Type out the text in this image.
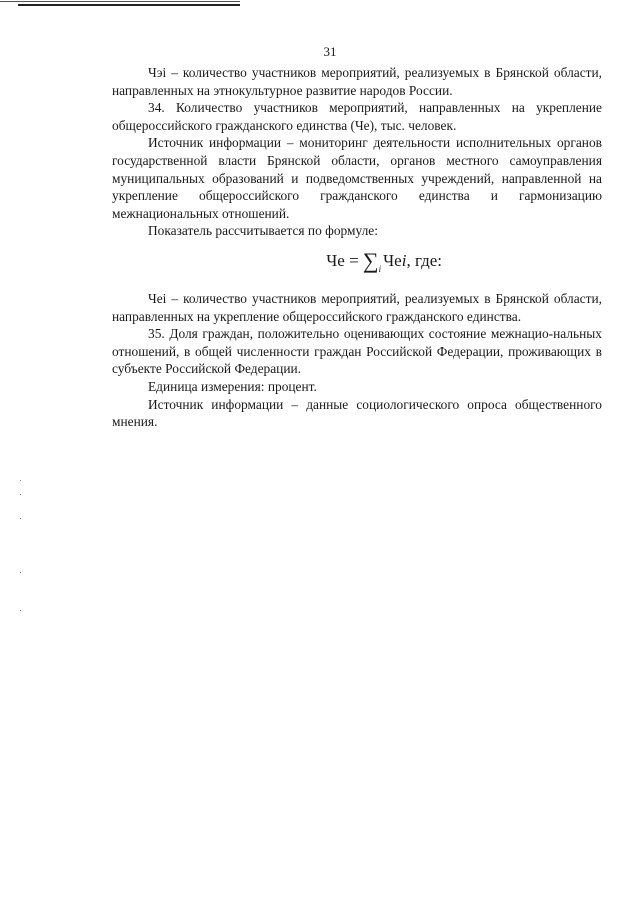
31

Чэi – количество участников мероприятий, реализуемых в Брянской области, направленных на этнокультурное развитие народов России.

34. Количество участников мероприятий, направленных на укрепление общероссийского гражданского единства (Че), тыс. человек.

Источник информации – мониторинг деятельности исполнительных органов государственной власти Брянской области, органов местного самоуправления муниципальных образований и подведомственных учреждений, направленной на укрепление общероссийского гражданского единства и гармонизацию межнациональных отношений.

Показатель рассчитывается по формуле:

Че = $\sum_i$ Чеi, где:

Чеi – количество участников мероприятий, реализуемых в Брянской области, направленных на укрепление общероссийского гражданского единства.

35. Доля граждан, положительно оценивающих состояние межнацио-нальных отношений, в общей численности граждан Российской Федерации, проживающих в субъекте Российской Федерации.

Единица измерения: процент.

Источник информации – данные социологического опроса общественного мнения.
